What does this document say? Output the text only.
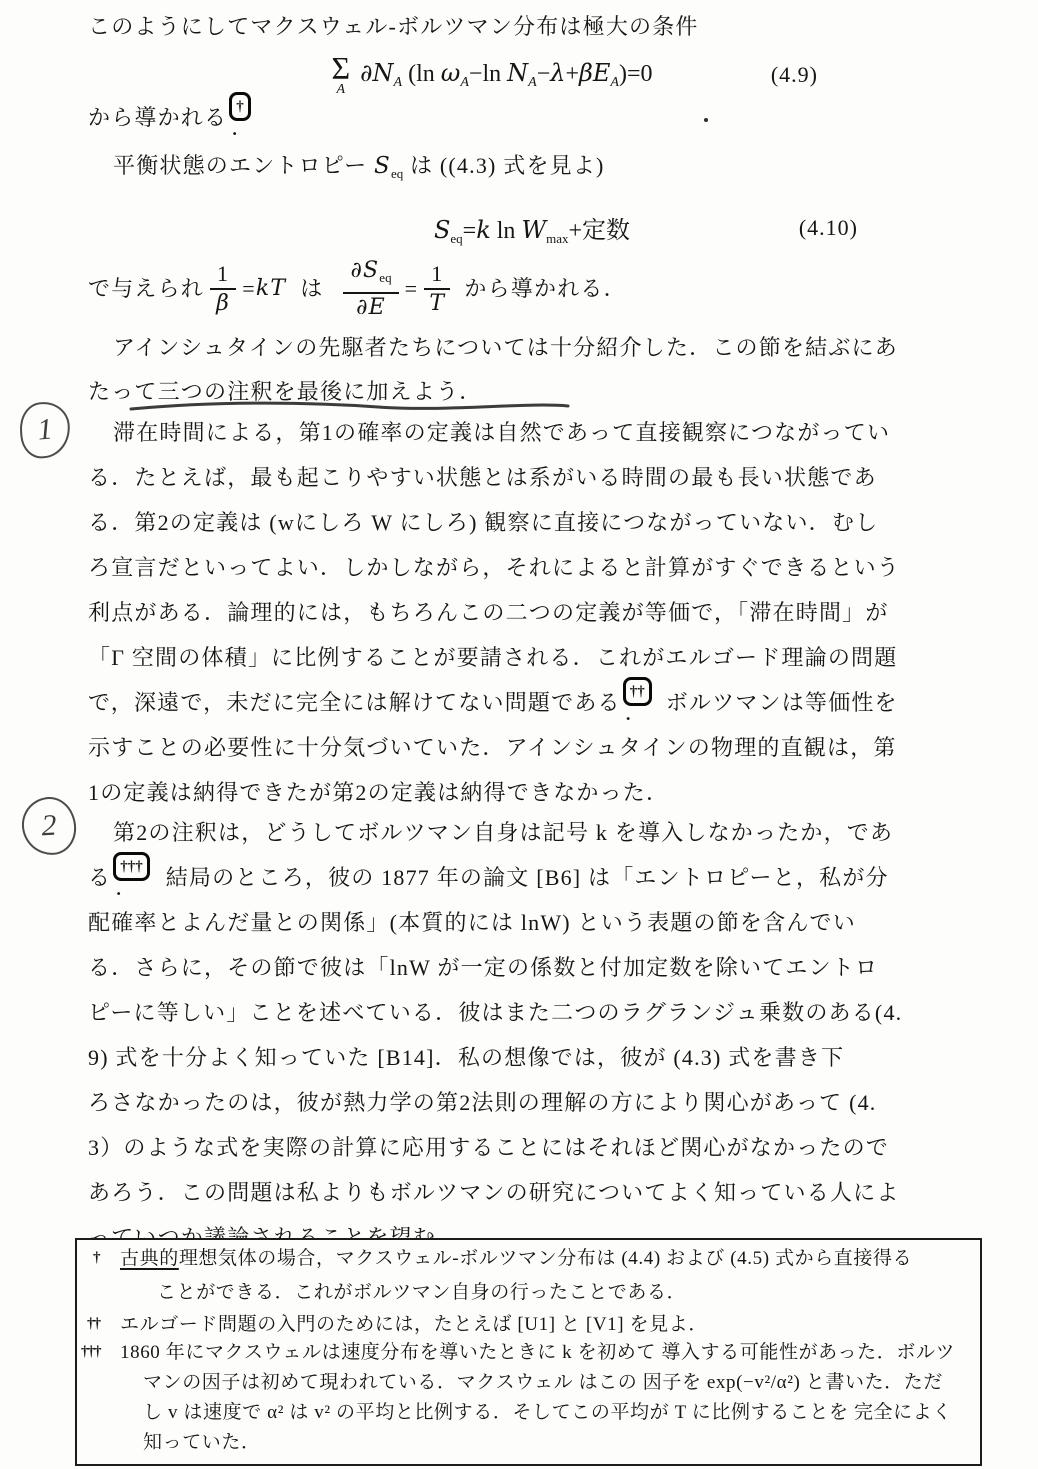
このようにしてマクスウェル-ボルツマン分布は極大の条件
Σ
A
$\partial N_A$ (ln $\omega_A-\ln$ $N_A-\lambda+\beta E_A)=0$	(4.9)
から導かれる †
．
平衡状態のエントロピー $S_{eq}$ は ((4.3) 式を見よ)
$S_{eq}=k$ $\ln W_{max}+$定数	(4.10)
で与えられ $\frac{1}{\beta}$ = kT は $\frac{\partial S_{eq}}{\partial E} = \frac{1}{T}$ から導かれる．
アインシュタインの先駆者たちについては十分紹介した．この節を結ぶにあ
たって三つの注釈を最後に加えよう．
1	滞在時間による，第1の確率の定義は自然であって直接観察につながってい
る．たとえば，最も起こりやすい状態とは系がいる時間の最も長い状態であ
る．第2の定義は (wにしろ W にしろ) 観察に直接につながっていない．むし
ろ宣言だといってよい．しかしながら，それによると計算がすぐできるという
利点がある．論理的には，もちろんこの二つの定義が等価で，「滞在時間」が
「Γ 空間の体積」に比例することが要請される．これがエルゴード理論の問題
で，深遠で，未だに完全には解けてない問題である ††
． ボルツマンは等価性を
示すことの必要性に十分気づいていた．アインシュタインの物理的直観は，第
1の定義は納得できたが第2の定義は納得できなかった．
2	第2の注釈は，どうしてボルツマン自身は記号 k を導入しなかったか，であ
る †††
． 結局のところ，彼の 1877 年の論文 [B6] は「エントロピーと，私が分
配確率とよんだ量との関係」(本質的には lnW) という表題の節を含んでい
る．さらに，その節で彼は「lnW が一定の係数と付加定数を除いてエントロ
ピーに等しい」ことを述べている．彼はまた二つのラグランジュ乗数のある(4.
9) 式を十分よく知っていた [B14]．私の想像では，彼が (4.3) 式を書き下
ろさなかったのは，彼が熱力学の第2法則の理解の方により関心があって (4.
3）のような式を実際の計算に応用することにはそれほど関心がなかったので
あろう．この問題は私よりもボルツマンの研究についてよく知っている人によ
† 古典的理想気体の場合，マクスウェル-ボルツマン分布は (4.4) および (4.5) 式から直接得る
ことができる．これがボルツマン自身の行ったことである．
†† エルゴード問題の入門のためには，たとえば [U1] と [V1] を見よ．
††† 1860 年にマクスウェルは速度分布を導いたときに k を初めて 導入する可能性があった．ボルツ
マンの因子は初めて現われている．マクスウェル はこの 因子を exp(−v²/α²) と書いた．ただ
し v は速度で α² は v² の平均と比例する．そしてこの平均が T に比例することを 完全によく
知っていた．
